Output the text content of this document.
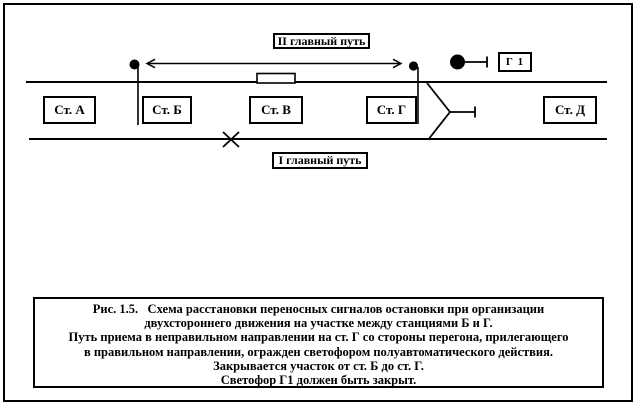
II главный путь
I главный путь
Ст. А	Ст. Б	Ст. В	Ст. Г	Ст. Д
Г 1
Рис. 1.5.   Схема расстановки переносных сигналов остановки при организации
двухстороннего движения на участке между станциями Б и Г.
Путь приема в неправильном направлении на ст. Г со стороны перегона, прилегающего
в правильном направлении, огражден светофором полуавтоматического действия.
Закрывается участок от ст. Б до ст. Г.
Светофор Г1 должен быть закрыт.
